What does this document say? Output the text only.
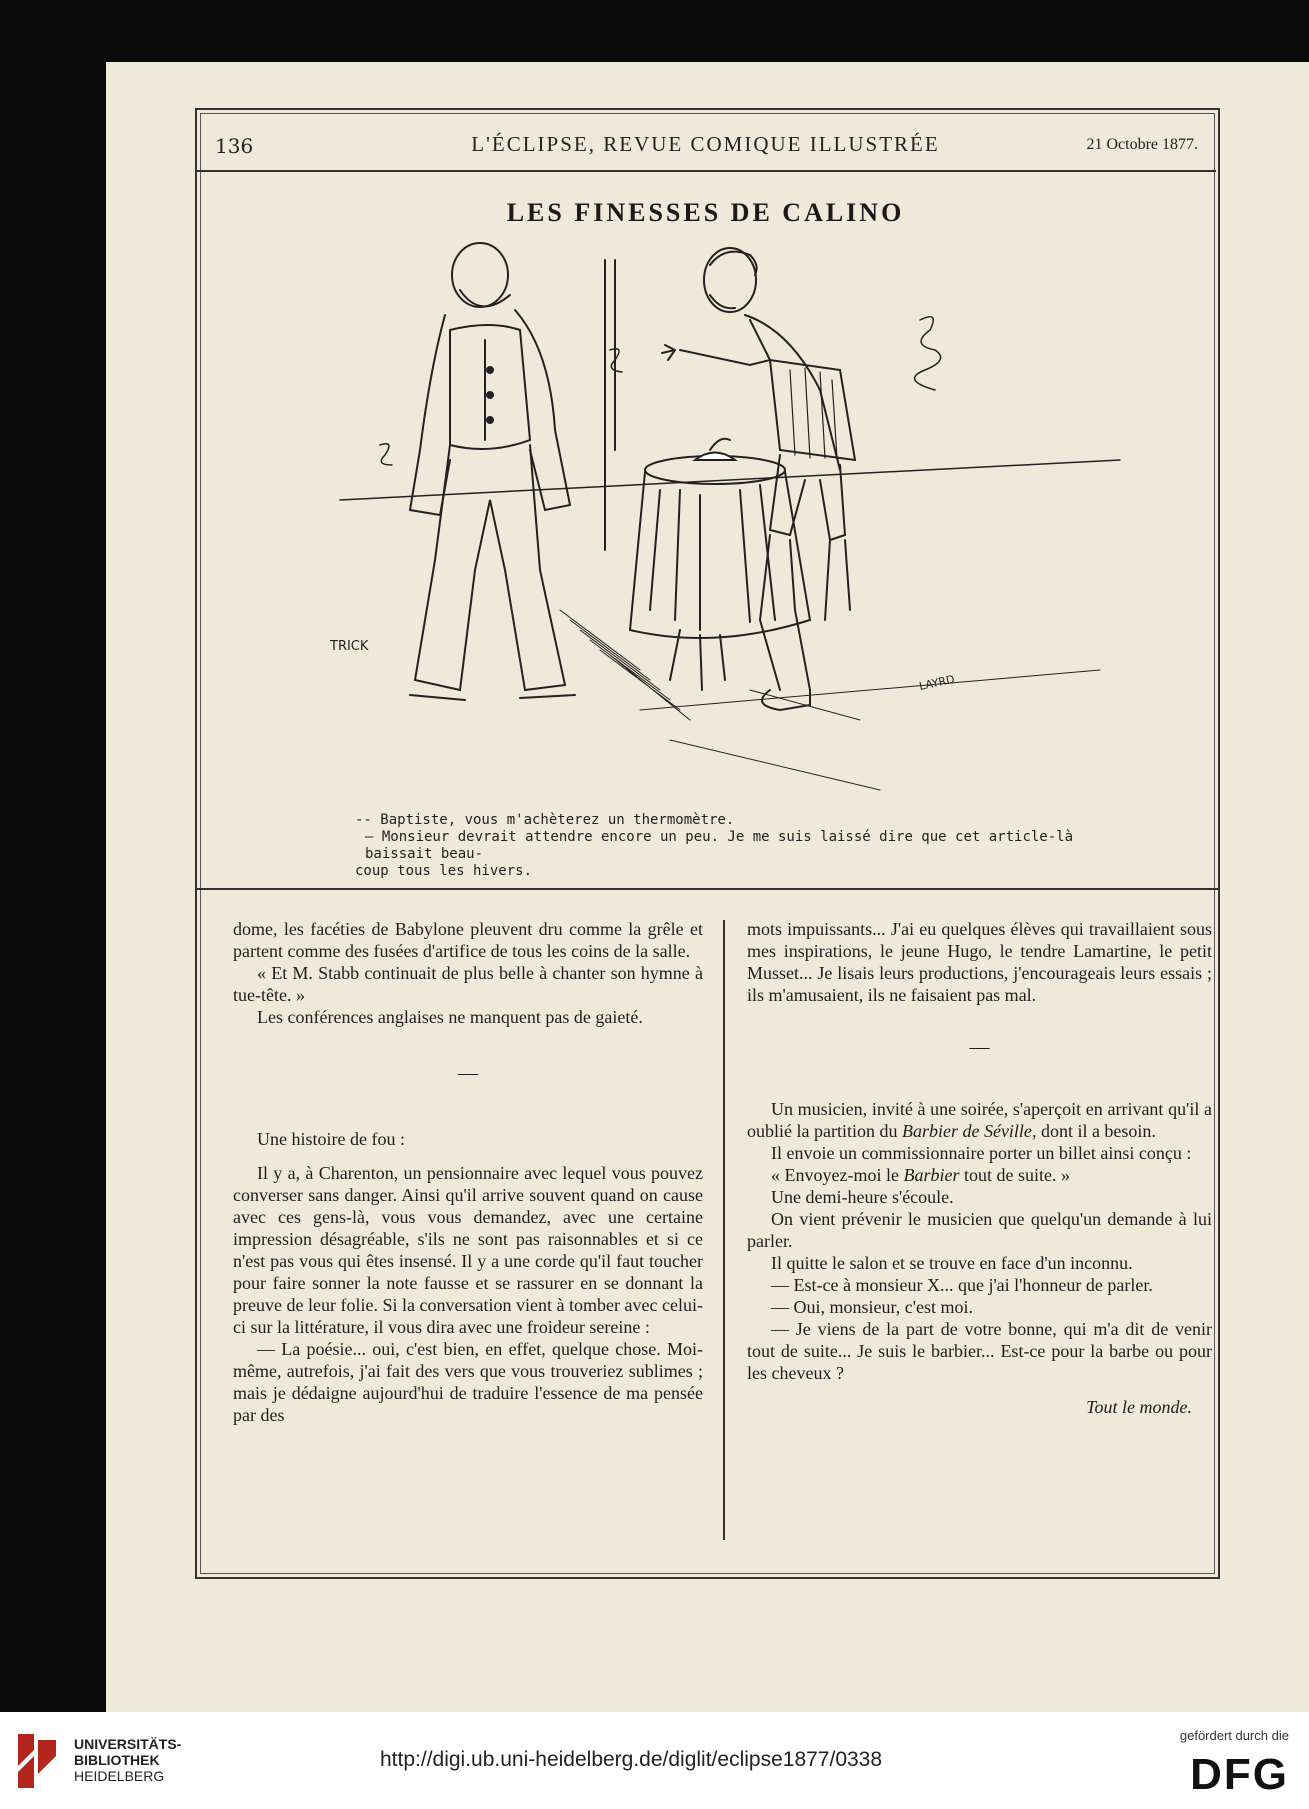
136	L'ÉCLIPSE, REVUE COMIQUE ILLUSTRÉE	21 Octobre 1877.
LES FINESSES DE CALINO
TRICK
LAYRD

-- Baptiste, vous m'achèterez un thermomètre.

— Monsieur devrait attendre encore un peu. Je me suis laissé dire que cet article-là baissait beau-

coup tous les hivers.

dome, les facéties de Babylone pleuvent dru comme la grêle et partent comme des fusées d'artifice de tous les coins de la salle.

« Et M. Stabb continuait de plus belle à chanter son hymne à tue-tête. »

Les conférences anglaises ne manquent pas de gaieté.

—

Une histoire de fou :

Il y a, à Charenton, un pensionnaire avec lequel vous pouvez converser sans danger. Ainsi qu'il arrive souvent quand on cause avec ces gens-là, vous vous demandez, avec une certaine impression désagréable, s'ils ne sont pas raisonnables et si ce n'est pas vous qui êtes insensé. Il y a une corde qu'il faut toucher pour faire sonner la note fausse et se rassurer en se donnant la preuve de leur folie. Si la conversation vient à tomber avec celui-ci sur la littérature, il vous dira avec une froideur sereine :

— La poésie... oui, c'est bien, en effet, quelque chose. Moi-même, autrefois, j'ai fait des vers que vous trouveriez sublimes ; mais je dédaigne aujourd'hui de traduire l'essence de ma pensée par des

mots impuissants... J'ai eu quelques élèves qui travaillaient sous mes inspirations, le jeune Hugo, le tendre Lamartine, le petit Musset... Je lisais leurs productions, j'encourageais leurs essais ; ils m'amusaient, ils ne faisaient pas mal.

—

Un musicien, invité à une soirée, s'aperçoit en arrivant qu'il a oublié la partition du Barbier de Séville, dont il a besoin.

Il envoie un commissionnaire porter un billet ainsi conçu :

« Envoyez-moi le Barbier tout de suite. »

Une demi-heure s'écoule.

On vient prévenir le musicien que quelqu'un demande à lui parler.

Il quitte le salon et se trouve en face d'un inconnu.

— Est-ce à monsieur X... que j'ai l'honneur de parler.

— Oui, monsieur, c'est moi.

— Je viens de la part de votre bonne, qui m'a dit de venir tout de suite... Je suis le barbier... Est-ce pour la barbe ou pour les cheveux ?

Tout le monde.

UNIVERSITÄTS-
BIBLIOTHEK
HEIDELBERG
http://digi.ub.uni-heidelberg.de/diglit/eclipse1877/0338
gefördert durch die
DFG
